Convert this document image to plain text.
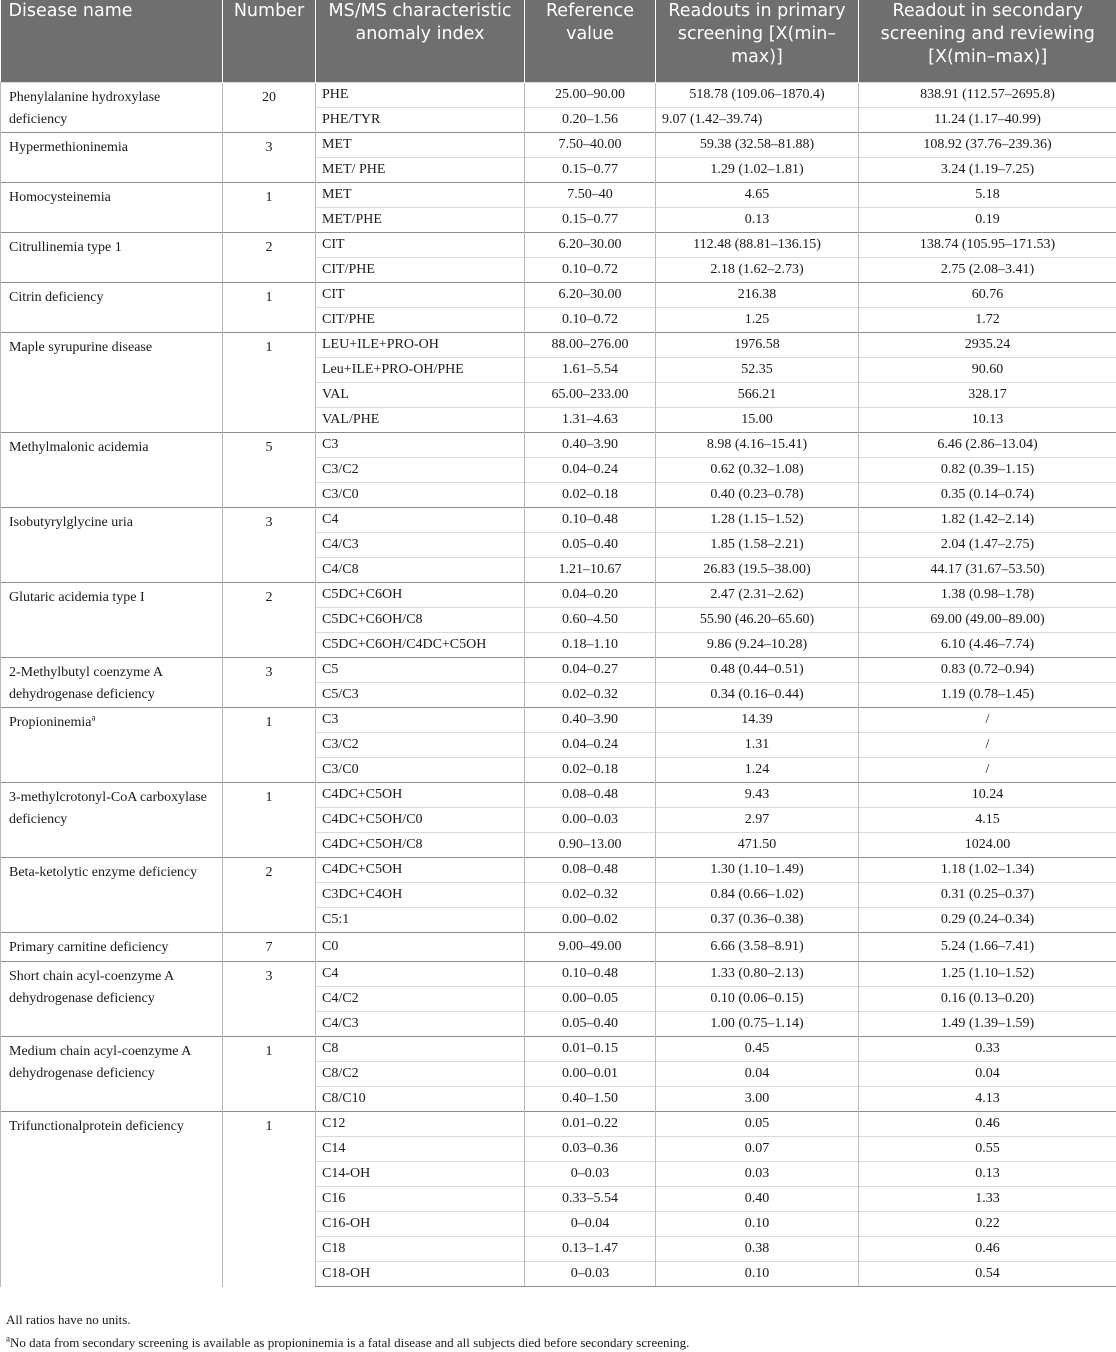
Disease name	Number	MS/MS characteristic anomaly index	Reference value	Readouts in primary screening [X(min–max)]	Readout in secondary screening and reviewing [X(min–max)]
Phenylalanine hydroxylase deficiency	20	PHE	25.00–90.00	518.78 (109.06–1870.4)	838.91 (112.57–2695.8)
		PHE/TYR	0.20–1.56	9.07 (1.42–39.74)	11.24 (1.17–40.99)
Hypermethioninemia	3	MET	7.50–40.00	59.38 (32.58–81.88)	108.92 (37.76–239.36)
		MET/ PHE	0.15–0.77	1.29 (1.02–1.81)	3.24 (1.19–7.25)
Homocysteinemia	1	MET	7.50–40	4.65	5.18
		MET/PHE	0.15–0.77	0.13	0.19
Citrullinemia type 1	2	CIT	6.20–30.00	112.48 (88.81–136.15)	138.74 (105.95–171.53)
		CIT/PHE	0.10–0.72	2.18 (1.62–2.73)	2.75 (2.08–3.41)
Citrin deficiency	1	CIT	6.20–30.00	216.38	60.76
		CIT/PHE	0.10–0.72	1.25	1.72
Maple syrupurine disease	1	LEU+ILE+PRO-OH	88.00–276.00	1976.58	2935.24
		Leu+ILE+PRO-OH/PHE	1.61–5.54	52.35	90.60
		VAL	65.00–233.00	566.21	328.17
		VAL/PHE	1.31–4.63	15.00	10.13
Methylmalonic acidemia	5	C3	0.40–3.90	8.98 (4.16–15.41)	6.46 (2.86–13.04)
		C3/C2	0.04–0.24	0.62 (0.32–1.08)	0.82 (0.39–1.15)
		C3/C0	0.02–0.18	0.40 (0.23–0.78)	0.35 (0.14–0.74)
Isobutyrylglycine uria	3	C4	0.10–0.48	1.28 (1.15–1.52)	1.82 (1.42–2.14)
		C4/C3	0.05–0.40	1.85 (1.58–2.21)	2.04 (1.47–2.75)
		C4/C8	1.21–10.67	26.83 (19.5–38.00)	44.17 (31.67–53.50)
Glutaric acidemia type I	2	C5DC+C6OH	0.04–0.20	2.47 (2.31–2.62)	1.38 (0.98–1.78)
		C5DC+C6OH/C8	0.60–4.50	55.90 (46.20–65.60)	69.00 (49.00–89.00)
		C5DC+C6OH/C4DC+C5OH	0.18–1.10	9.86 (9.24–10.28)	6.10 (4.46–7.74)
2-Methylbutyl coenzyme A dehydrogenase deficiency	3	C5	0.04–0.27	0.48 (0.44–0.51)	0.83 (0.72–0.94)
		C5/C3	0.02–0.32	0.34 (0.16–0.44)	1.19 (0.78–1.45)
Propioninemia$^a$	1	C3	0.40–3.90	14.39	/
		C3/C2	0.04–0.24	1.31	/
		C3/C0	0.02–0.18	1.24	/
3-methylcrotonyl-CoA carboxylase deficiency	1	C4DC+C5OH	0.08–0.48	9.43	10.24
		C4DC+C5OH/C0	0.00–0.03	2.97	4.15
		C4DC+C5OH/C8	0.90–13.00	471.50	1024.00
Beta-ketolytic enzyme deficiency	2	C4DC+C5OH	0.08–0.48	1.30 (1.10–1.49)	1.18 (1.02–1.34)
		C3DC+C4OH	0.02–0.32	0.84 (0.66–1.02)	0.31 (0.25–0.37)
		C5:1	0.00–0.02	0.37 (0.36–0.38)	0.29 (0.24–0.34)
Primary carnitine deficiency	7	C0	9.00–49.00	6.66 (3.58–8.91)	5.24 (1.66–7.41)
Short chain acyl-coenzyme A dehydrogenase deficiency	3	C4	0.10–0.48	1.33 (0.80–2.13)	1.25 (1.10–1.52)
		C4/C2	0.00–0.05	0.10 (0.06–0.15)	0.16 (0.13–0.20)
		C4/C3	0.05–0.40	1.00 (0.75–1.14)	1.49 (1.39–1.59)
Medium chain acyl-coenzyme A dehydrogenase deficiency	1	C8	0.01–0.15	0.45	0.33
		C8/C2	0.00–0.01	0.04	0.04
		C8/C10	0.40–1.50	3.00	4.13
Trifunctionalprotein deficiency	1	C12	0.01–0.22	0.05	0.46
		C14	0.03–0.36	0.07	0.55
		C14-OH	0–0.03	0.03	0.13
		C16	0.33–5.54	0.40	1.33
		C16-OH	0–0.04	0.10	0.22
		C18	0.13–1.47	0.38	0.46
		C18-OH	0–0.03	0.10	0.54
All ratios have no units.
$^a$No data from secondary screening is available as propioninemia is a fatal disease and all subjects died before secondary screening.
